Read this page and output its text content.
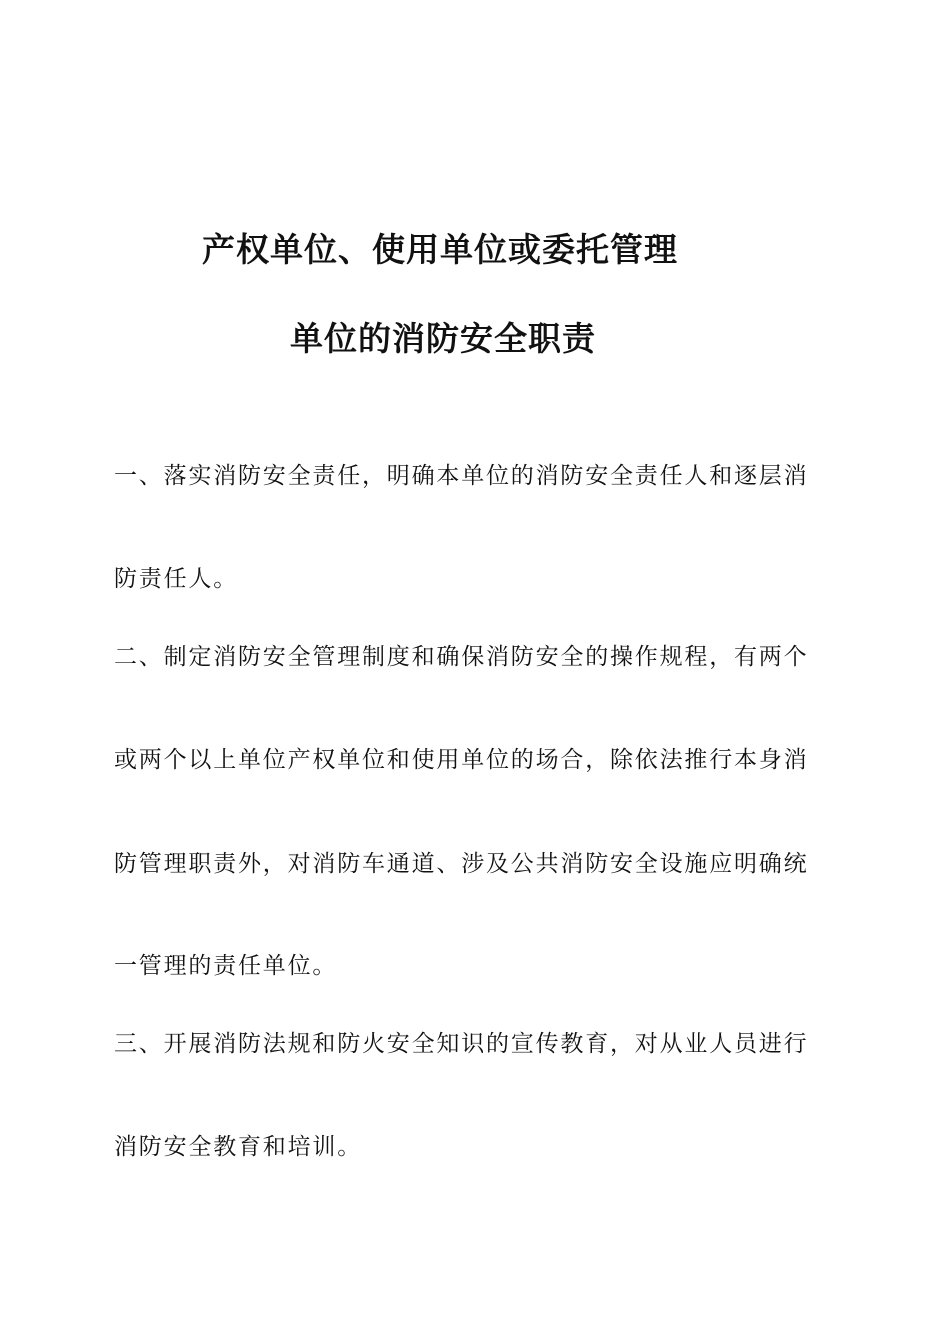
产权单位、使用单位或委托管理
单位的消防安全职责

一、落实消防安全责任，明确本单位的消防安全责任人和逐层消

防责任人。

二、制定消防安全管理制度和确保消防安全的操作规程，有两个

或两个以上单位产权单位和使用单位的场合，除依法推行本身消

防管理职责外，对消防车通道、涉及公共消防安全设施应明确统

一管理的责任单位。

三、开展消防法规和防火安全知识的宣传教育，对从业人员进行

消防安全教育和培训。
